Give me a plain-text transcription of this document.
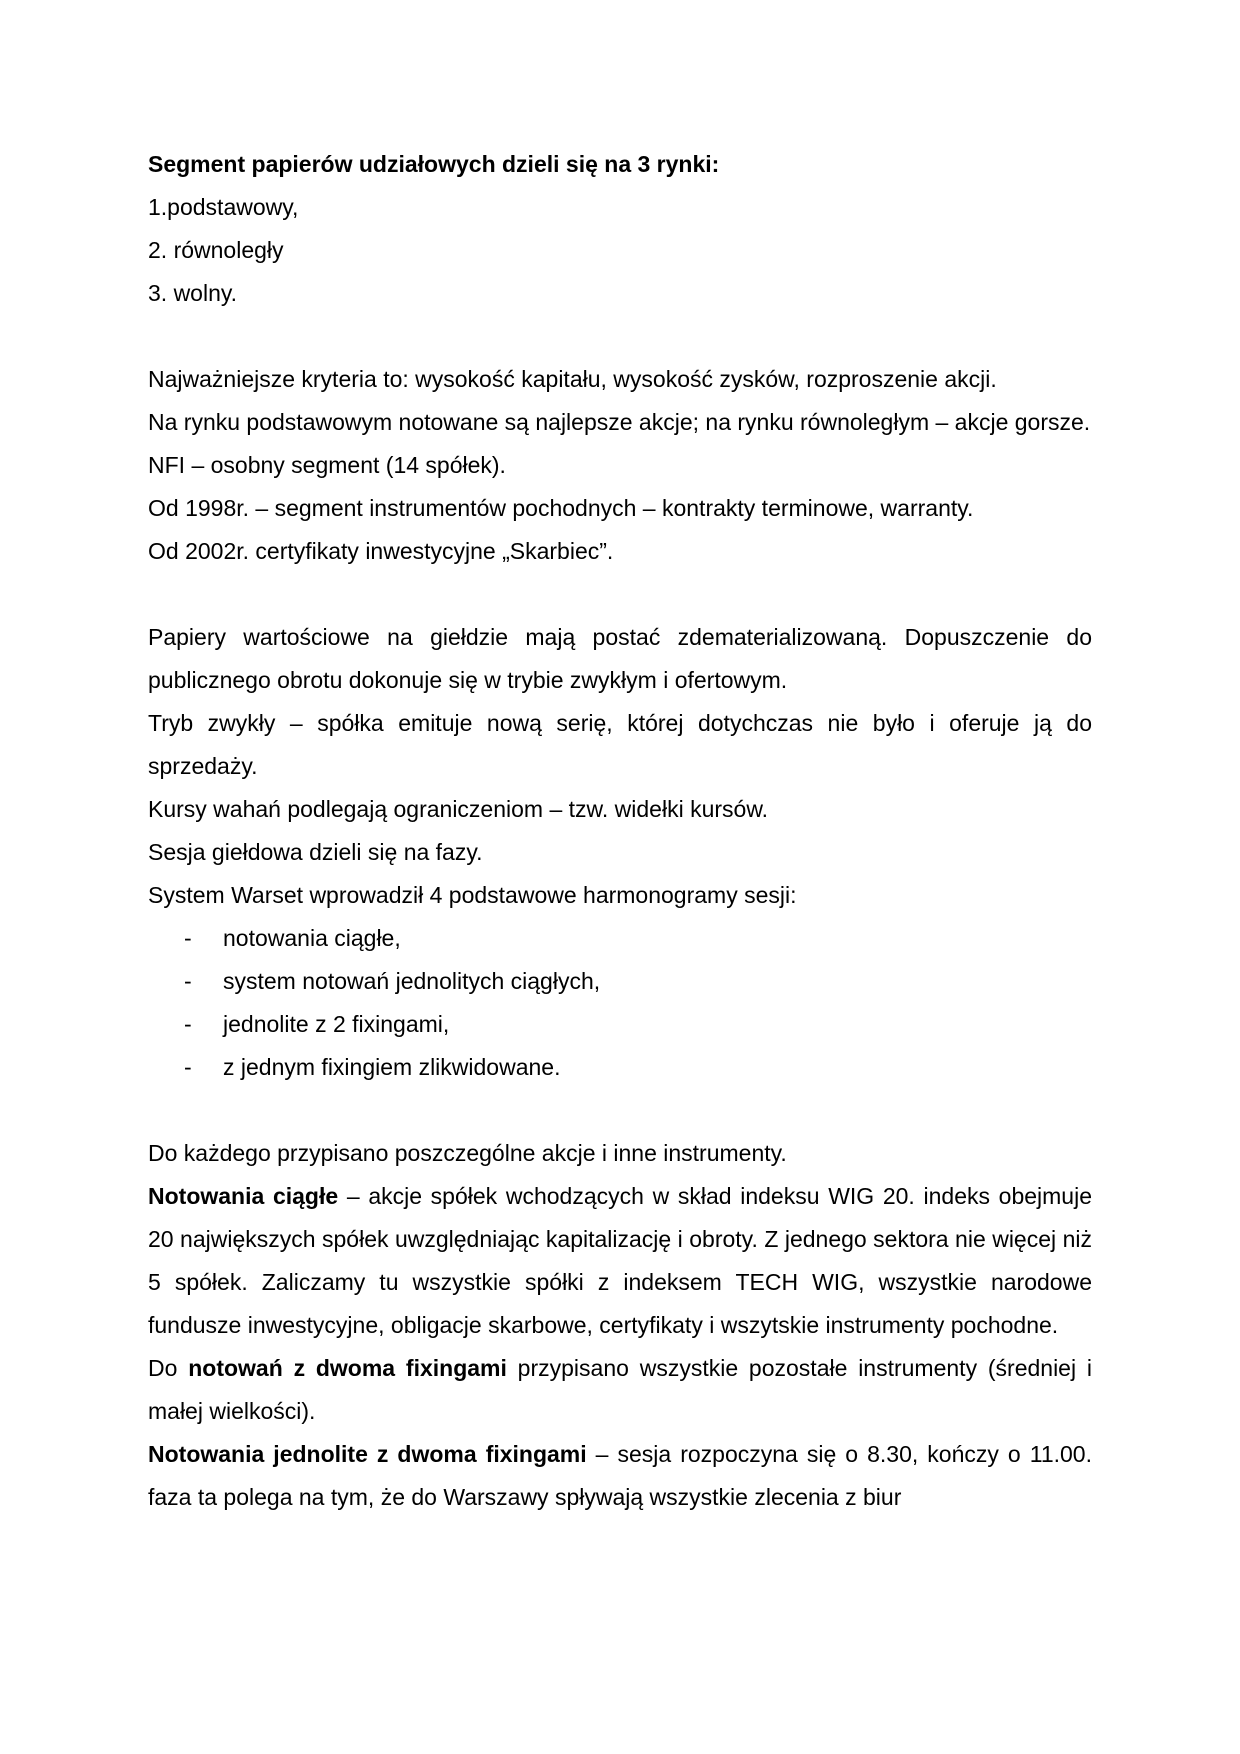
Segment papierów udziałowych dzieli się na 3 rynki:

1.podstawowy,

2. równoległy

3. wolny.

Najważniejsze kryteria to: wysokość kapitału, wysokość zysków, rozproszenie akcji.

Na rynku podstawowym notowane są najlepsze akcje; na rynku równoległym – akcje gorsze.

NFI – osobny segment (14 spółek).

Od 1998r. – segment instrumentów pochodnych – kontrakty terminowe, warranty.

Od 2002r. certyfikaty inwestycyjne „Skarbiec”.

Papiery wartościowe na giełdzie mają postać zdematerializowaną. Dopuszczenie do publicznego obrotu dokonuje się w trybie zwykłym i ofertowym.

Tryb zwykły – spółka emituje nową serię, której dotychczas nie było i oferuje ją do sprzedaży.

Kursy wahań podlegają ograniczeniom – tzw. widełki kursów.

Sesja giełdowa dzieli się na fazy.

System Warset wprowadził 4 podstawowe harmonogramy sesji:

- notowania ciągłe,
- system notowań jednolitych ciągłych,
- jednolite z 2 fixingami,
- z jednym fixingiem zlikwidowane.

Do każdego przypisano poszczególne akcje i inne instrumenty.

Notowania ciągłe – akcje spółek wchodzących w skład indeksu WIG 20. indeks obejmuje 20 największych spółek uwzględniając kapitalizację i obroty. Z jednego sektora nie więcej niż 5 spółek. Zaliczamy tu wszystkie spółki z indeksem TECH WIG, wszystkie narodowe fundusze inwestycyjne, obligacje skarbowe, certyfikaty i wszytskie instrumenty pochodne.

Do notowań z dwoma fixingami przypisano wszystkie pozostałe instrumenty (średniej i małej wielkości).

Notowania jednolite z dwoma fixingami – sesja rozpoczyna się o 8.30, kończy o 11.00. faza ta polega na tym, że do Warszawy spływają wszystkie zlecenia z biur
